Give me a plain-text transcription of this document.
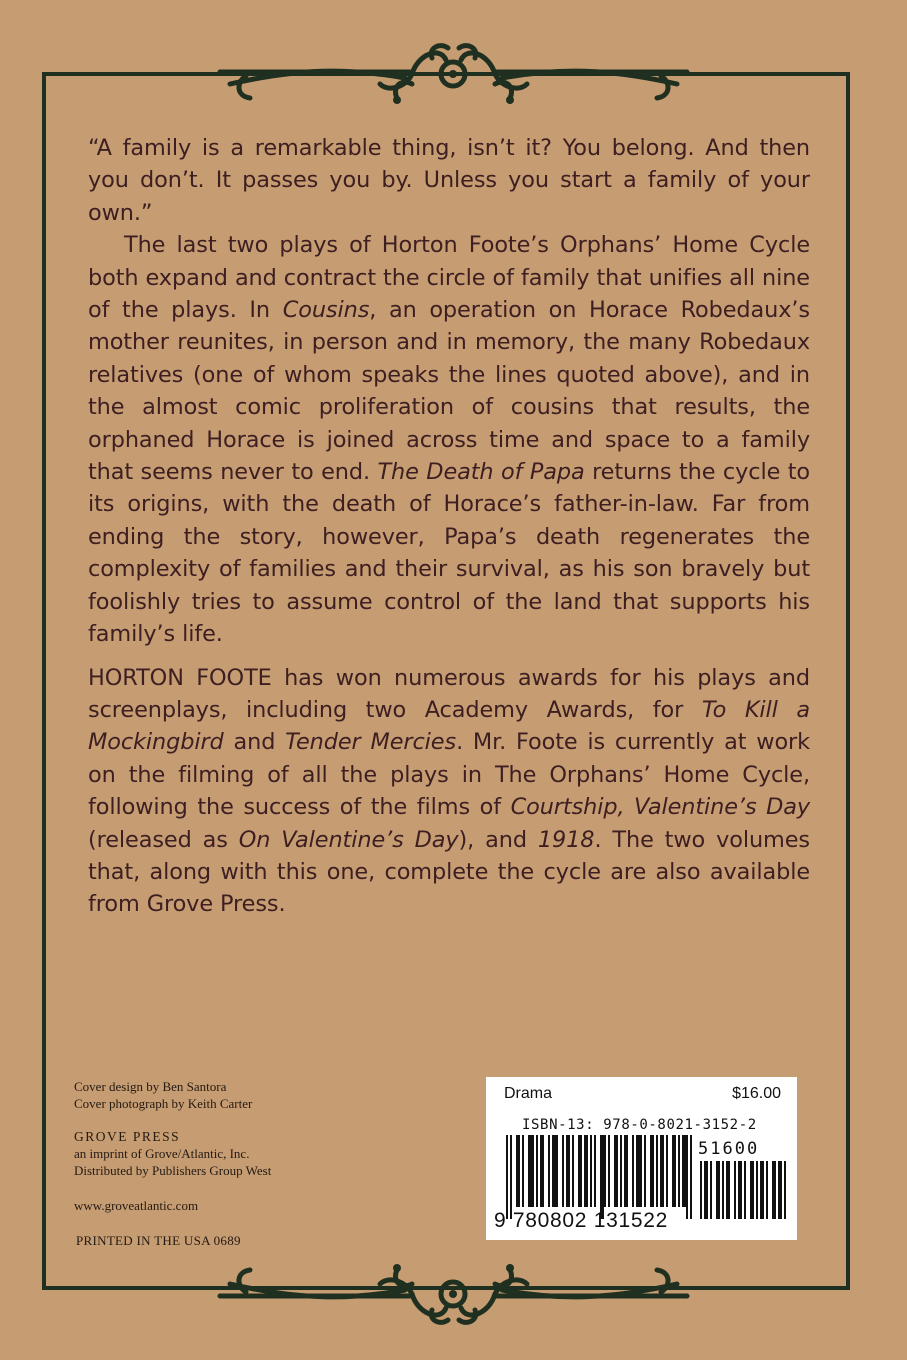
“A family is a remarkable thing, isn’t it? You belong. And then you don’t. It passes you by. Unless you start a family of your own.”

The last two plays of Horton Foote’s Orphans’ Home Cycle both expand and contract the circle of family that unifies all nine of the plays. In Cousins, an operation on Horace Robedaux’s mother reunites, in person and in memory, the many Robedaux relatives (one of whom speaks the lines quoted above), and in the almost comic proliferation of cousins that results, the orphaned Horace is joined across time and space to a family that seems never to end. The Death of Papa returns the cycle to its origins, with the death of Horace’s father-in-law. Far from ending the story, however, Papa’s death regenerates the complexity of families and their survival, as his son bravely but foolishly tries to assume control of the land that supports his family’s life.

HORTON FOOTE has won numerous awards for his plays and screenplays, including two Academy Awards, for To Kill a Mockingbird and Tender Mercies. Mr. Foote is currently at work on the filming of all the plays in The Orphans’ Home Cycle, following the success of the films of Courtship, Valentine’s Day (released as On Valentine’s Day), and 1918. The two volumes that, along with this one, complete the cycle are also available from Grove Press.

Cover design by Ben Santora
Cover photograph by Keith Carter
GROVE PRESS
an imprint of Grove/Atlantic, Inc.
Distributed by Publishers Group West
www.groveatlantic.com
PRINTED IN THE USA 0689
Drama	$16.00
ISBN-13: 978-0-8021-3152-2
51600
9 780802 131522
